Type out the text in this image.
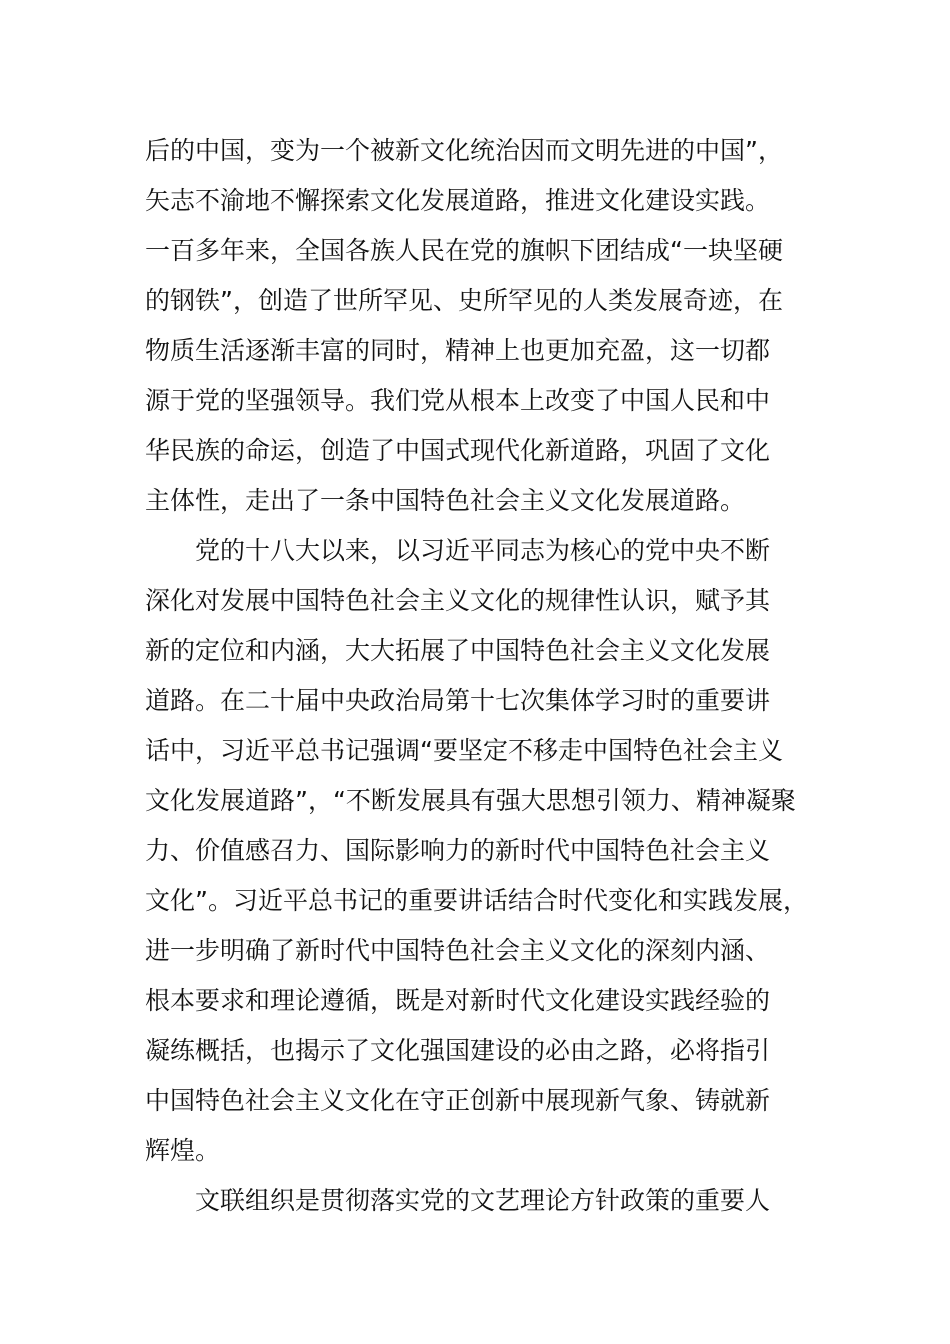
后的中国，变为一个被新文化统治因而文明先进的中国”，
矢志不渝地不懈探索文化发展道路，推进文化建设实践。
一百多年来，全国各族人民在党的旗帜下团结成“一块坚硬
的钢铁”，创造了世所罕见、史所罕见的人类发展奇迹，在
物质生活逐渐丰富的同时，精神上也更加充盈，这一切都
源于党的坚强领导。我们党从根本上改变了中国人民和中
华民族的命运，创造了中国式现代化新道路，巩固了文化
主体性，走出了一条中国特色社会主义文化发展道路。
党的十八大以来，以习近平同志为核心的党中央不断
深化对发展中国特色社会主义文化的规律性认识，赋予其
新的定位和内涵，大大拓展了中国特色社会主义文化发展
道路。在二十届中央政治局第十七次集体学习时的重要讲
话中，习近平总书记强调“要坚定不移走中国特色社会主义
文化发展道路”，“不断发展具有强大思想引领力、精神凝聚
力、价值感召力、国际影响力的新时代中国特色社会主义
文化”。习近平总书记的重要讲话结合时代变化和实践发展，
进一步明确了新时代中国特色社会主义文化的深刻内涵、
根本要求和理论遵循，既是对新时代文化建设实践经验的
凝练概括，也揭示了文化强国建设的必由之路，必将指引
中国特色社会主义文化在守正创新中展现新气象、铸就新
辉煌。
文联组织是贯彻落实党的文艺理论方针政策的重要人
